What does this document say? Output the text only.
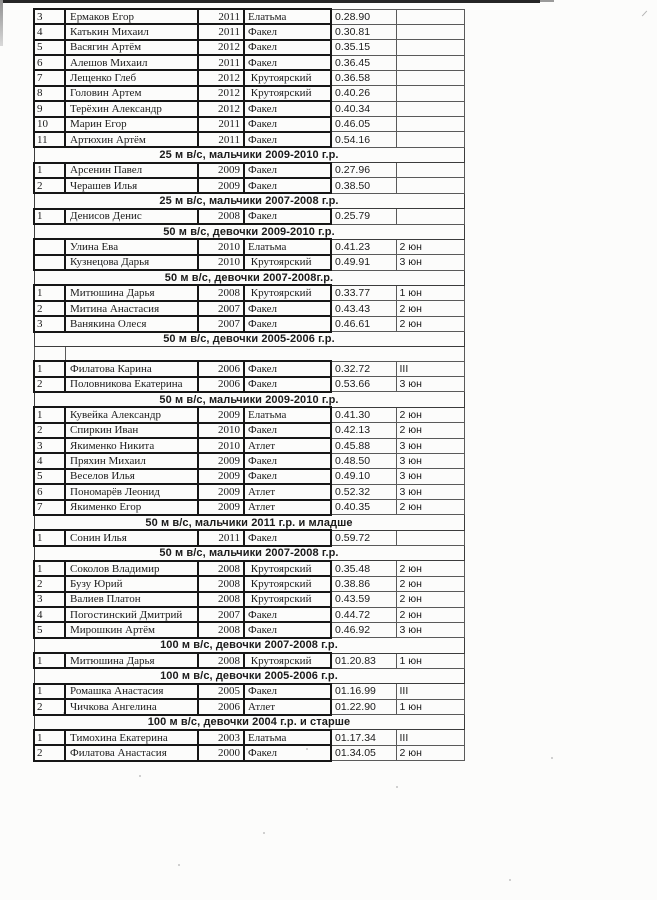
3	Ермаков Егор	2011	Елатьма	0.28.90	
4	Катькин Михаил	2011	Факел	0.30.81	
5	Васягин Артём	2012	Факел	0.35.15	
6	Алешов Михаил	2011	Факел	0.36.45	
7	Лещенко Глеб	2012	Крутоярский	0.36.58	
8	Головин Артем	2012	Крутоярский	0.40.26	
9	Терёхин Александр	2012	Факел	0.40.34	
10	Марин Егор	2011	Факел	0.46.05	
11	Артюхин Артём	2011	Факел	0.54.16	
25 м в/с, мальчики 2009-2010 г.р.					
1	Арсенин Павел	2009	Факел	0.27.96	
2	Черашев Илья	2009	Факел	0.38.50	
25 м в/с, мальчики 2007-2008 г.р.					
1	Денисов Денис	2008	Факел	0.25.79	
50 м в/с, девочки 2009-2010 г.р.					
	Улина Ева	2010	Елатьма	0.41.23	2 юн
	Кузнецова Дарья	2010	Крутоярский	0.49.91	3 юн
50 м в/с, девочки 2007-2008г.р.					
1	Митюшина Дарья	2008	Крутоярский	0.33.77	1 юн
2	Митина Анастасия	2007	Факел	0.43.43	2 юн
3	Ванякина Олеся	2007	Факел	0.46.61	2 юн
50 м в/с, девочки 2005-2006 г.р.					

1	Филатова Карина	2006	Факел	0.32.72	III
2	Половникова Екатерина	2006	Факел	0.53.66	3 юн
50 м в/с, мальчики 2009-2010 г.р.					
1	Кувейка Александр	2009	Елатьма	0.41.30	2 юн
2	Спиркин Иван	2010	Факел	0.42.13	2 юн
3	Якименко Никита	2010	Атлет	0.45.88	3 юн
4	Пряхин Михаил	2009	Факел	0.48.50	3 юн
5	Веселов Илья	2009	Факел	0.49.10	3 юн
6	Пономарёв Леонид	2009	Атлет	0.52.32	3 юн
7	Якименко Егор	2009	Атлет	0.40.35	2 юн
50 м в/с, мальчики 2011 г.р. и младше					
1	Сонин Илья	2011	Факел	0.59.72	
50 м в/с, мальчики 2007-2008 г.р.					
1	Соколов Владимир	2008	Крутоярский	0.35.48	2 юн
2	Бузу Юрий	2008	Крутоярский	0.38.86	2 юн
3	Валиев Платон	2008	Крутоярский	0.43.59	2 юн
4	Погостинский Дмитрий	2007	Факел	0.44.72	2 юн
5	Мирошкин Артём	2008	Факел	0.46.92	3 юн
100 м в/с, девочки 2007-2008 г.р.					
1	Митюшина Дарья	2008	Крутоярский	01.20.83	1 юн
100 м в/с, девочки 2005-2006 г.р.					
1	Ромашка Анастасия	2005	Факел	01.16.99	III
2	Чичкова Ангелина	2006	Атлет	01.22.90	1 юн
100 м в/с, девочки 2004 г.р. и старше					
1	Тимохина Екатерина	2003	Елатьма	01.17.34	III
2	Филатова Анастасия	2000	Факел	01.34.05	2 юн
